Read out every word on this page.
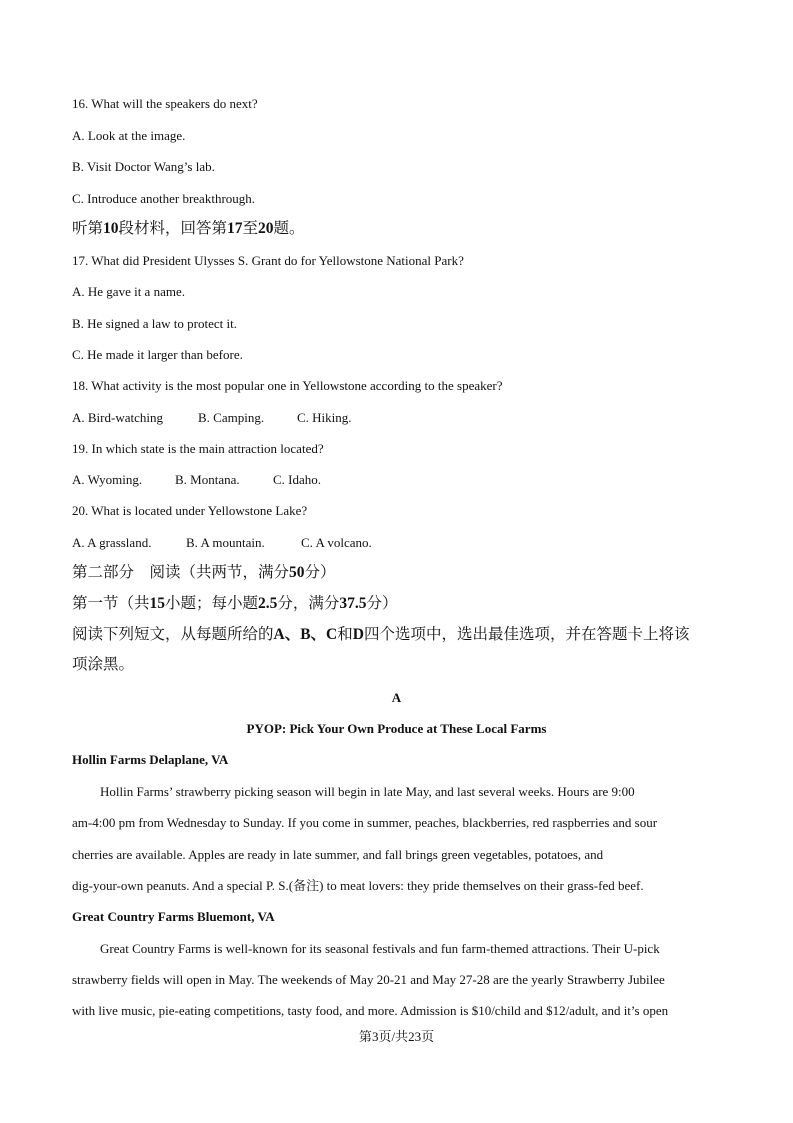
16. What will the speakers do next?
A. Look at the image.
B. Visit Doctor Wang’s lab.
C. Introduce another breakthrough.
听第10段材料，回答第17至20题。
17. What did President Ulysses S. Grant do for Yellowstone National Park?
A. He gave it a name.
B. He signed a law to protect it.
C. He made it larger than before.
18. What activity is the most popular one in Yellowstone according to the speaker?
A. Bird-watching	B. Camping.	C. Hiking.
19. In which state is the main attraction located?
A. Wyoming.	B. Montana.	C. Idaho.
20. What is located under Yellowstone Lake?
A. A grassland.	B. A mountain.	C. A volcano.
第二部分　阅读（共两节，满分50分）
第一节（共15小题；每小题2.5分，满分37.5分）
阅读下列短文，从每题所给的A、B、C和D四个选项中，选出最佳选项，并在答题卡上将该
项涂黑。
A
PYOP: Pick Your Own Produce at These Local Farms
Hollin Farms Delaplane, VA
Hollin Farms’ strawberry picking season will begin in late May, and last several weeks. Hours are 9:00
am-4:00 pm from Wednesday to Sunday. If you come in summer, peaches, blackberries, red raspberries and sour
cherries are available. Apples are ready in late summer, and fall brings green vegetables, potatoes, and
dig-your-own peanuts. And a special P. S.(备注) to meat lovers: they pride themselves on their grass-fed beef.
Great Country Farms Bluemont, VA
Great Country Farms is well-known for its seasonal festivals and fun farm-themed attractions. Their U-pick
strawberry fields will open in May. The weekends of May 20-21 and May 27-28 are the yearly Strawberry Jubilee
with live music, pie-eating competitions, tasty food, and more. Admission is $10/child and $12/adult, and it’s open
第3页/共23页
